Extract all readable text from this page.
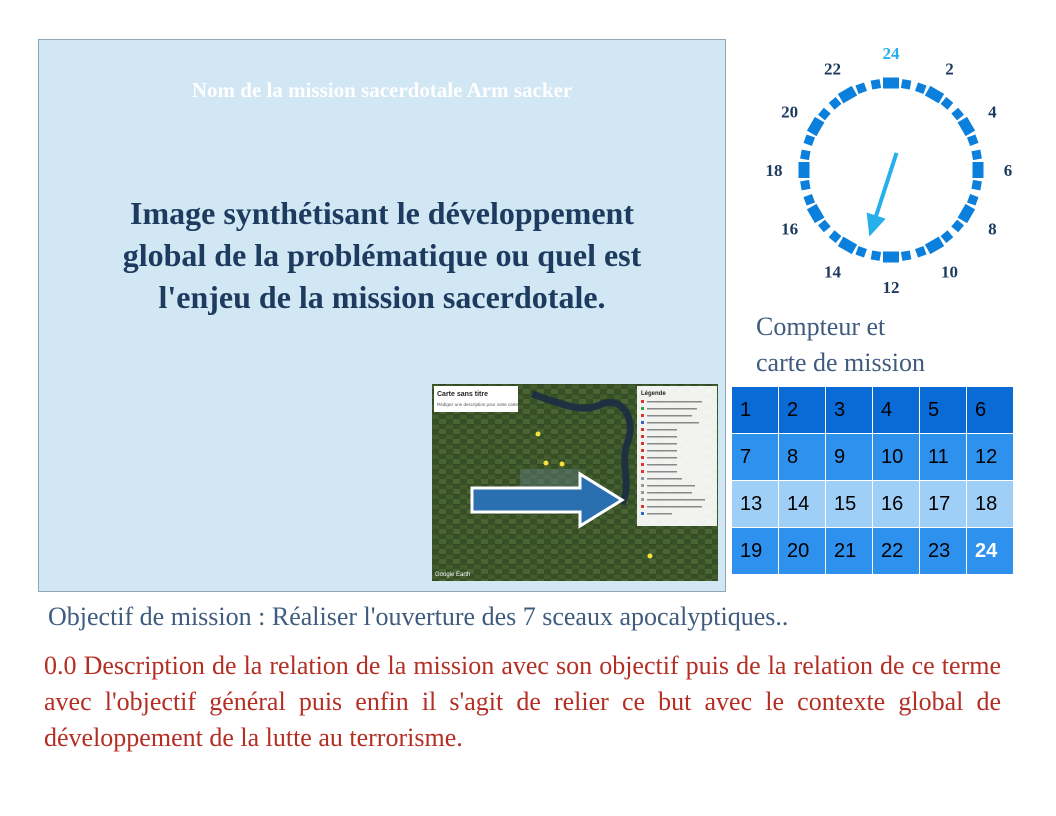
Nom de la mission sacerdotale Arm sacker
Image synthétisant le développement
global de la problématique ou quel est
l'enjeu de la mission sacerdotale.
Carte sans titre
Rédigez une description pour votre carte
Légende
Google Earth
24
2
4
6
8
10
12
14
16
18
20
22
Compteur et
carte de mission
1	2	3	4	5	6
7	8	9	10	11	12
13	14	15	16	17	18
19	20	21	22	23	24
Objectif de mission : Réaliser l'ouverture des 7 sceaux apocalyptiques..
0.0 Description de la relation de la mission avec son objectif puis de la relation de ce terme avec l'objectif général puis enfin il s'agit de relier ce but avec le contexte global de développement de la lutte au terrorisme.
